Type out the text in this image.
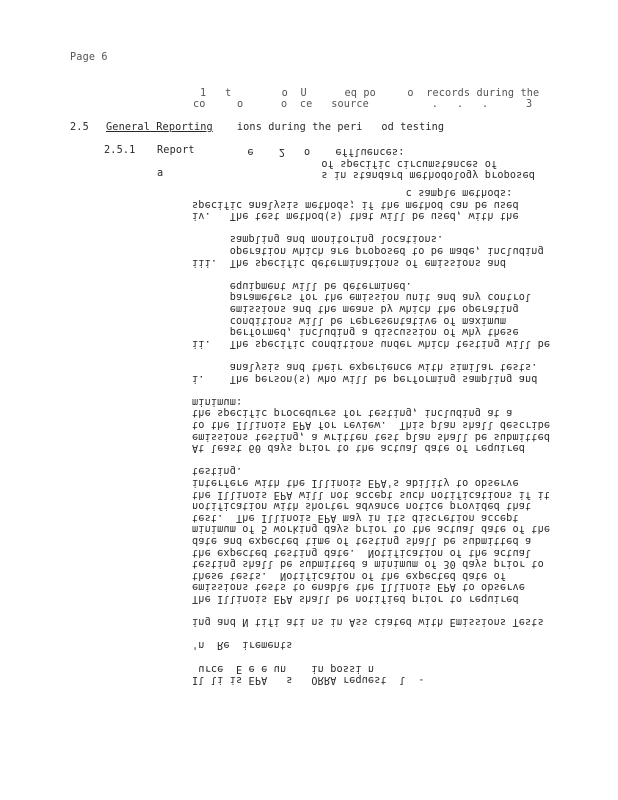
Page 6
1   t        o  U      eq po     o  records during the
co     o      o  ce   source          .   .   .      3
2.5 General Reporting ions during the peri   od testing
2.5.1 Report e    2   o    effluences:
of specific circumstances of
a	s in standard methodology proposed
c sample methods:
specific analysis methods; if the method can be used
iv.   The test method(s) that will be used, with the
sampling and monitoring locations.
operation which are proposed to be made, including
iii.  The specific determinations of emissions and
equipment will be determined.
parameters for the emission unit and any control
emissions and the means by which the operating
conditions will be representative of maximum
performed, including a discussion of why these
ii.   The specific conditions under which testing will be
analysis and their experience with similar tests.
i.    The person(s) who will be performing sampling and
minimum:
the specific procedures for testing, including at a
to the Illinois EPA for review.  This plan shall describe
emissions testing, a written test plan shall be submitted
At least 60 days prior to the actual date of required
testing.
interfere with the Illinois EPA's ability to observe
the Illinois EPA will not accept such notifications if it
notification with shorter advance notice provided that
test.  The Illinois EPA may in its discretion accept
minimum of 5 working days prior to the actual date of the
date and expected time of testing shall be submitted a
the expected testing date.  Notification of the actual
testing shall be submitted a minimum of 30 days prior to
these tests.  Notification of the expected date of
emissions tests to enable the Illinois EPA to observe
The Illinois EPA shall be notified prior to required
ing and N tifi ati ns in Ass ciated with Emissions Tests
'n  Re  irements
urce  E e e un    in possi n
Il li is EPA   s   ORRA request  l  -
